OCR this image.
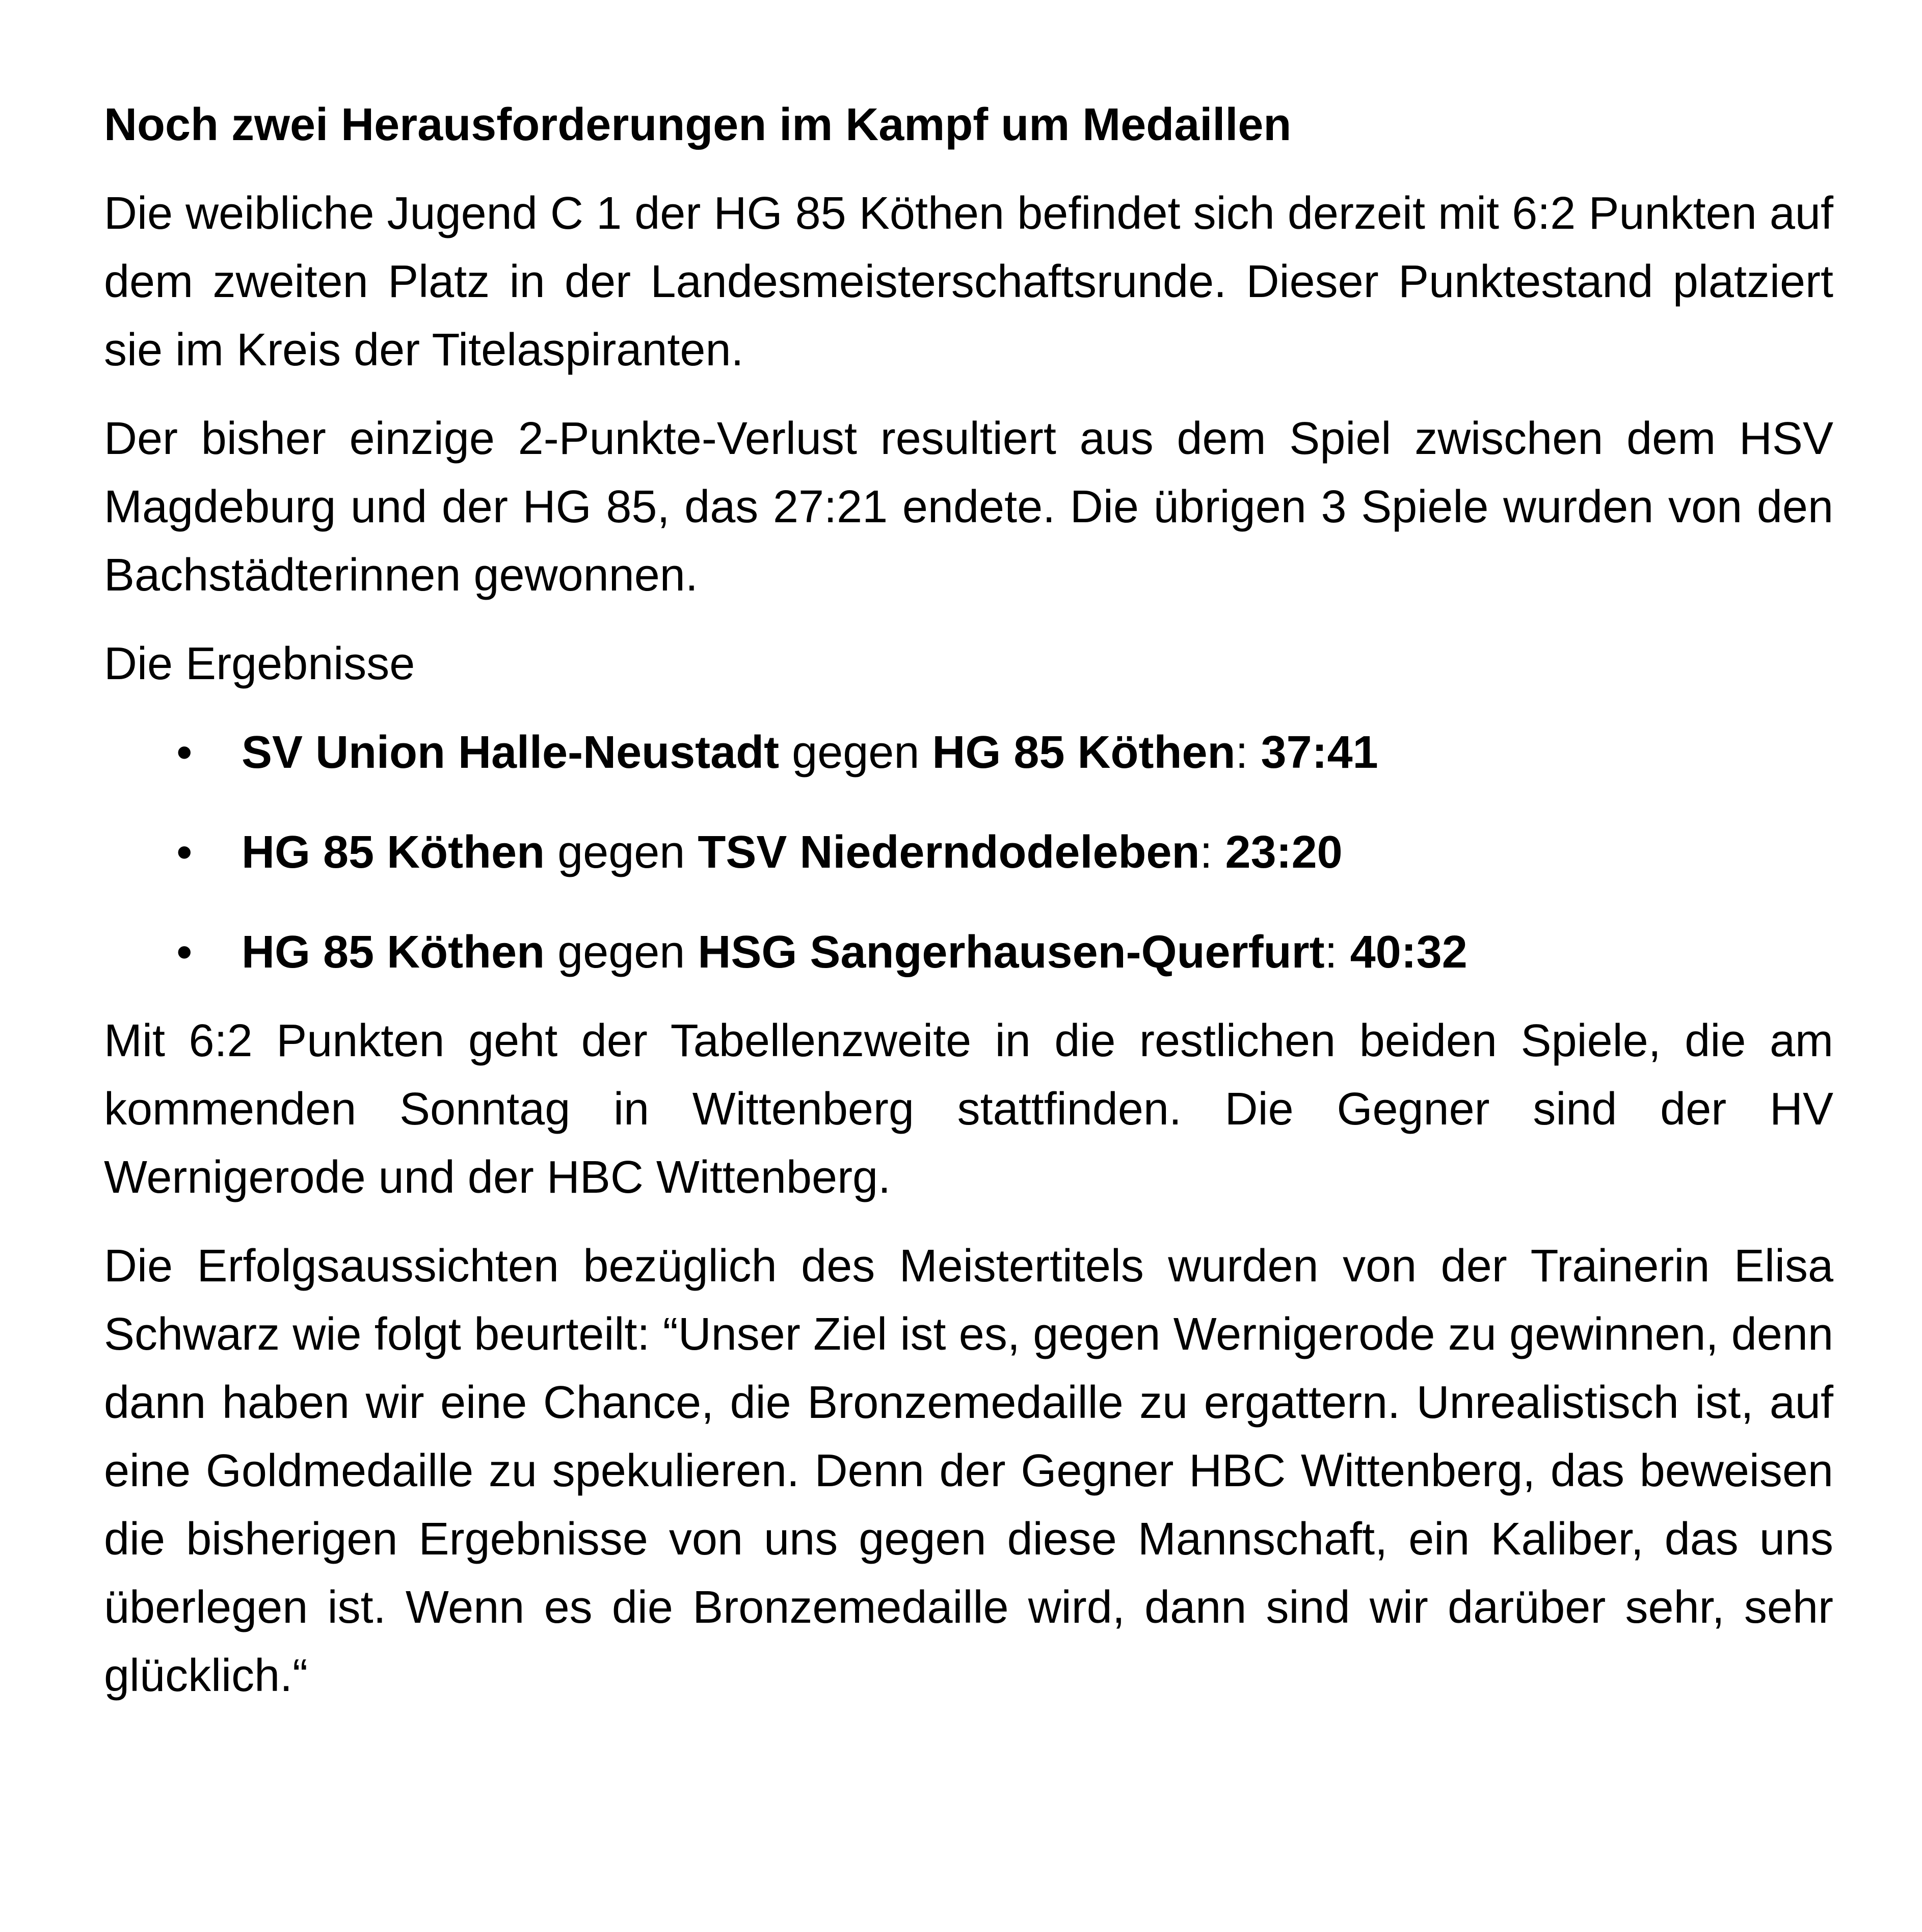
Noch zwei Herausforderungen im Kampf um Medaillen

Die weibliche Jugend C 1 der HG 85 Köthen befindet sich derzeit mit 6:2 Punkten auf dem zweiten Platz in der Landesmeisterschaftsrunde. Dieser Punktestand platziert sie im Kreis der Titelaspiranten.

Der bisher einzige 2-Punkte-Verlust resultiert aus dem Spiel zwischen dem HSV Magdeburg und der HG 85, das 27:21 endete. Die übrigen 3 Spiele wurden von den Bachstädterinnen gewonnen.

Die Ergebnisse

• SV Union Halle-Neustadt gegen HG 85 Köthen: 37:41
• HG 85 Köthen gegen TSV Niederndodeleben: 23:20
• HG 85 Köthen gegen HSG Sangerhausen-Querfurt: 40:32

Mit 6:2 Punkten geht der Tabellenzweite in die restlichen beiden Spiele, die am kommenden Sonntag in Wittenberg stattfinden. Die Gegner sind der HV Wernigerode und der HBC Wittenberg.

Die Erfolgsaussichten bezüglich des Meistertitels wurden von der Trainerin Elisa Schwarz wie folgt beurteilt: “Unser Ziel ist es, gegen Wernigerode zu gewinnen, denn dann haben wir eine Chance, die Bronzemedaille zu ergattern. Unrealistisch ist, auf eine Goldmedaille zu spekulieren. Denn der Gegner HBC Wittenberg, das beweisen die bisherigen Ergebnisse von uns gegen diese Mannschaft, ein Kaliber, das uns überlegen ist. Wenn es die Bronzemedaille wird, dann sind wir darüber sehr, sehr glücklich.“
